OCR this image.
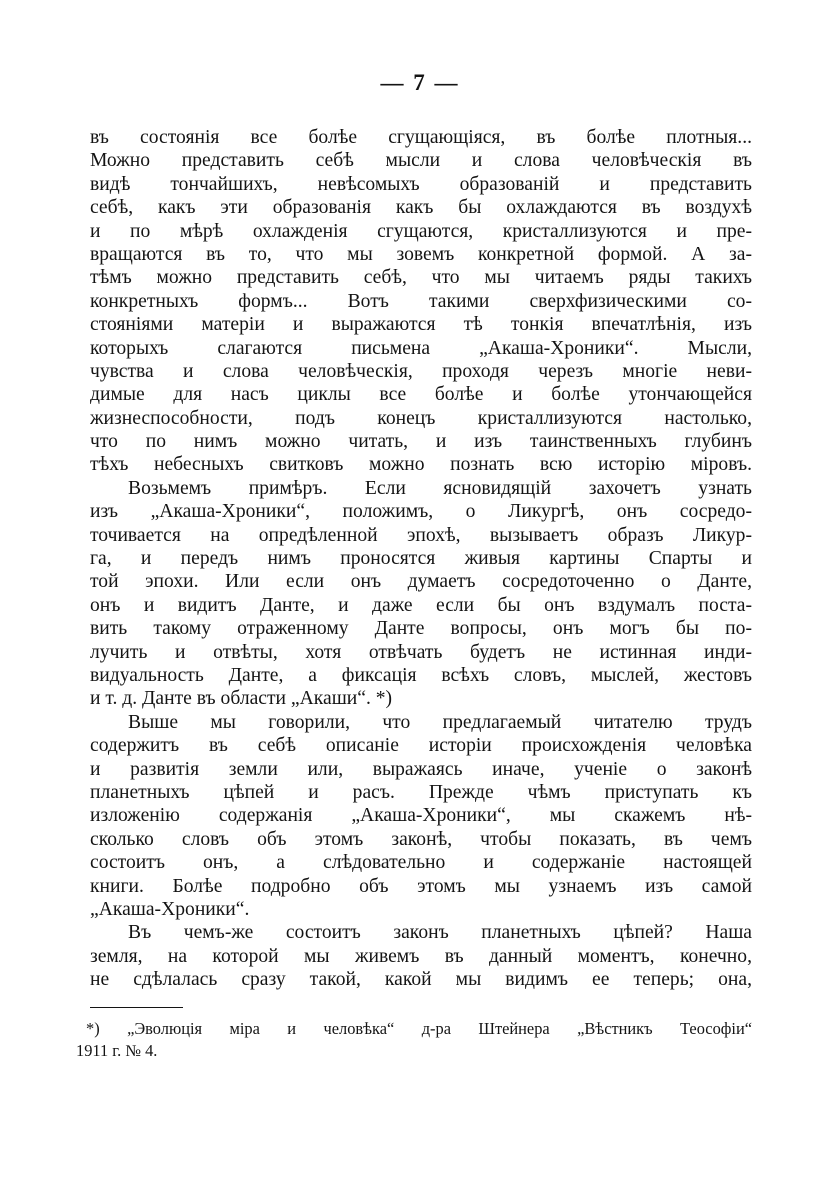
— 7 —
въ состоянія все болѣе сгущающіяся, въ болѣе плотныя...
Можно представить себѣ мысли и слова человѣческія въ
видѣ тончайшихъ, невѣсомыхъ образованій и представить
себѣ, какъ эти образованія какъ бы охлаждаются въ воздухѣ
и по мѣрѣ охлажденія сгущаются, кристаллизуются и пре-
вращаются въ то, что мы зовемъ конкретной формой. А за-
тѣмъ можно представить себѣ, что мы читаемъ ряды такихъ
конкретныхъ формъ... Вотъ такими сверхфизическими со-
стояніями матеріи и выражаются тѣ тонкія впечатлѣнія, изъ
которыхъ слагаются письмена „Акаша-Хроники“. Мысли,
чувства и слова человѣческія, проходя черезъ многіе неви-
димые для насъ циклы все болѣе и болѣе утончающейся
жизнеспособности, подъ конецъ кристаллизуются настолько,
что по нимъ можно читать, и изъ таинственныхъ глубинъ
тѣхъ небесныхъ свитковъ можно познать всю исторію міровъ.
Возьмемъ примѣръ. Если ясновидящій захочетъ узнать
изъ „Акаша-Хроники“, положимъ, о Ликургѣ, онъ сосредо-
точивается на опредѣленной эпохѣ, вызываетъ образъ Ликур-
га, и передъ нимъ проносятся живыя картины Спарты и
той эпохи. Или если онъ думаетъ сосредоточенно о Данте,
онъ и видитъ Данте, и даже если бы онъ вздумалъ поста-
вить такому отраженному Данте вопросы, онъ могъ бы по-
лучить и отвѣты, хотя отвѣчать будетъ не истинная инди-
видуальность Данте, а фиксація всѣхъ словъ, мыслей, жестовъ
и т. д. Данте въ области „Акаши“. *)
Выше мы говорили, что предлагаемый читателю трудъ
содержитъ въ себѣ описаніе исторіи происхожденія человѣка
и развитія земли или, выражаясь иначе, ученіе о законѣ
планетныхъ цѣпей и расъ. Прежде чѣмъ приступать къ
изложенію содержанія „Акаша-Хроники“, мы скажемъ нѣ-
сколько словъ объ этомъ законѣ, чтобы показать, въ чемъ
состоитъ онъ, а слѣдовательно и содержаніе настоящей
книги. Болѣе подробно объ этомъ мы узнаемъ изъ самой
„Акаша-Хроники“.
Въ чемъ-же состоитъ законъ планетныхъ цѣпей? Наша
земля, на которой мы живемъ въ данный моментъ, конечно,
не сдѣлалась сразу такой, какой мы видимъ ее теперь; она,
*) „Эволюція міра и человѣка“ д-ра Штейнера „Вѣстникъ Теософіи“
1911 г. № 4.
